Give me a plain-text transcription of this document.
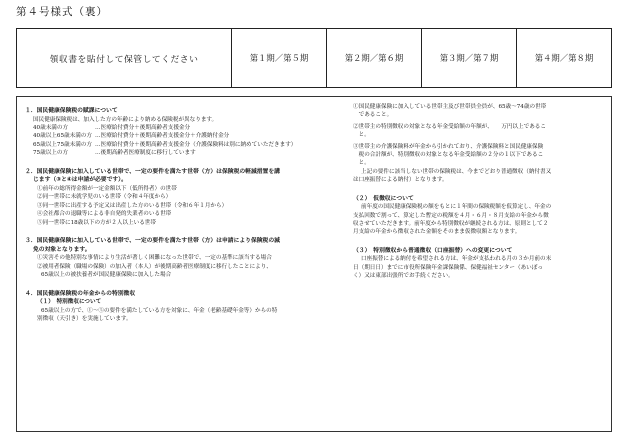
第４号様式（裏）
領収書を貼付して保管してください	第１期／第５期	第２期／第６期	第３期／第７期	第４期／第８期
１．国民健康保険税の賦課について
国民健康保険税は、加入した方の年齢により納める保険税が異なります。
40歳未満の方	…医療給付費分＋後期高齢者支援金分
40歳以上65歳未満の方 …医療給付費分＋後期高齢者支援金分＋介護納付金分
65歳以上75歳未満の方 …医療給付費分＋後期高齢者支援金分（介護保険料は別に納めていただきます）
75歳以上の方	…後期高齢者医療制度に移行しています
２．国民健康保険に加入している世帯で、一定の要件を満たす世帯（方）は保険税の軽減措置を講
じます（③と④は申請が必要です）。
①前年の総所得金額が一定金額以下（低所得者）の世帯
②同一世帯に未就学児のいる世帯（令和４年度から）
③同一世帯に出産する予定又は出産した方のいる世帯（令和６年１月から）
④会社都合の退職等による非自発的失業者のいる世帯
⑤同一世帯に18歳以下の方が２人以上いる世帯
３．国民健康保険に加入している世帯で、一定の要件を満たす世帯（方）は申請により保険税の減
免の対象となります。
①災害その他特別な事情により生活が著しく困難になった世帯で、一定の基準に該当する場合
②被用者保険（職場の保険）の加入者（本人）が後期高齢者医療制度に移行したことにより、
65歳以上の被扶養者が国民健康保険に加入した場合
４．国民健康保険税の年金からの特別徴収
（１）　特別徴収について
65歳以上の方で、①〜⑤の要件を満たしている方を対象に、年金（老齢基礎年金等）からの特
別徴収（天引き）を実施しています。
①国民健康保険に加入している世帯主及び世帯員全員が、65歳〜74歳の世帯
　であること。
②世帯主の特別徴収の対象となる年金受給額の年額が、　　万円以上であるこ
　と。
③世帯主の介護保険料が年金から引かれており、介護保険料と国民健康保険
　税の合計額が、特別徴収の対象となる年金受給額の２分の１以下であるこ
　と。
上記の要件に該当しない世帯の保険税は、今までどおり普通徴収（納付書又
は口座振替による納付）となります。
（２）　仮徴収について
前年度の国民健康保険税の額をもとに１年間の保険税額を仮算定し、年金の
支払回数で割って、算定した暫定の税額を４月・６月・８月支給の年金から徴
収させていただきます。前年度から特別徴収が継続される方は、原則として２
月支給の年金から徴収された金額をそのまま仮徴収額となります。
（３）　特別徴収から普通徴収（口座振替）への変更について
口座振替による納付を希望される方は、年金が支払われる月の３か月前の末
日（期日日）までに市役所保険年金課保険係、保健福祉センター（あいぽっ
く）又は東部出張所でお手続ください。
